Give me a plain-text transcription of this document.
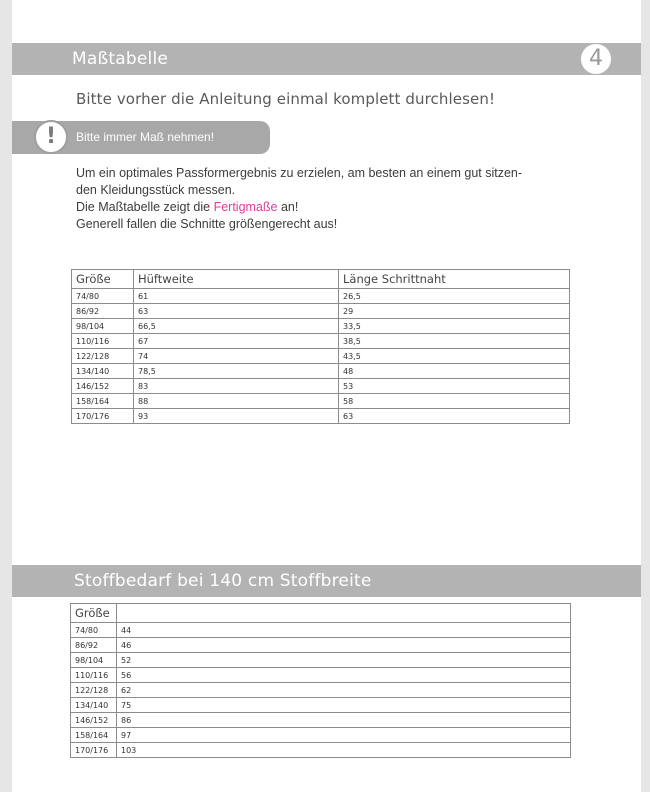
Maßtabelle	4
Bitte vorher die Anleitung einmal komplett durchlesen!
Bitte immer Maß nehmen!
!

Um ein optimales Passformergebnis zu erzielen, am besten an einem gut sitzen-

den Kleidungsstück messen.

Die Maßtabelle zeigt die Fertigmaße an!

Generell fallen die Schnitte größengerecht aus!

Größe	Hüftweite	Länge Schrittnaht
74/80	61	26,5
86/92	63	29
98/104	66,5	33,5
110/116	67	38,5
122/128	74	43,5
134/140	78,5	48
146/152	83	53
158/164	88	58
170/176	93	63
Stoffbedarf bei 140 cm Stoffbreite
Größe	
74/80	44
86/92	46
98/104	52
110/116	56
122/128	62
134/140	75
146/152	86
158/164	97
170/176	103
